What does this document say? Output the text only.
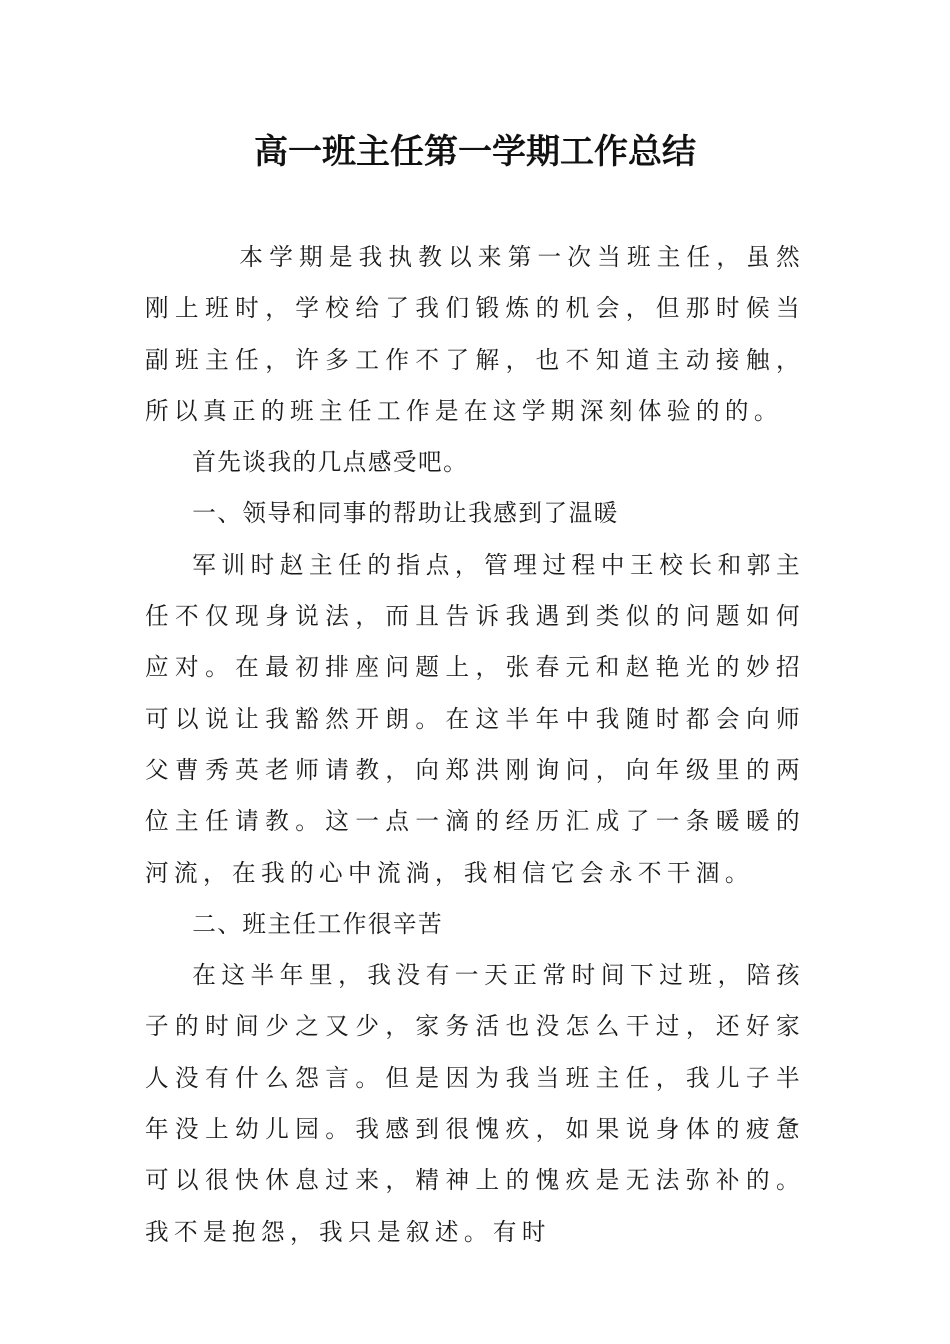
高一班主任第一学期工作总结

本学期是我执教以来第一次当班主任，虽然刚上班时，学校给了我们锻炼的机会，但那时候当副班主任，许多工作不了解，也不知道主动接触，所以真正的班主任工作是在这学期深刻体验的的。

首先谈我的几点感受吧。

一、领导和同事的帮助让我感到了温暖

军训时赵主任的指点，管理过程中王校长和郭主任不仅现身说法，而且告诉我遇到类似的问题如何应对。在最初排座问题上，张春元和赵艳光的妙招可以说让我豁然开朗。在这半年中我随时都会向师父曹秀英老师请教，向郑洪刚询问，向年级里的两位主任请教。这一点一滴的经历汇成了一条暖暖的河流，在我的心中流淌，我相信它会永不干涸。

二、班主任工作很辛苦

在这半年里，我没有一天正常时间下过班，陪孩子的时间少之又少，家务活也没怎么干过，还好家人没有什么怨言。但是因为我当班主任，我儿子半年没上幼儿园。我感到很愧疚，如果说身体的疲惫可以很快休息过来，精神上的愧疚是无法弥补的。我不是抱怨，我只是叙述。有时
